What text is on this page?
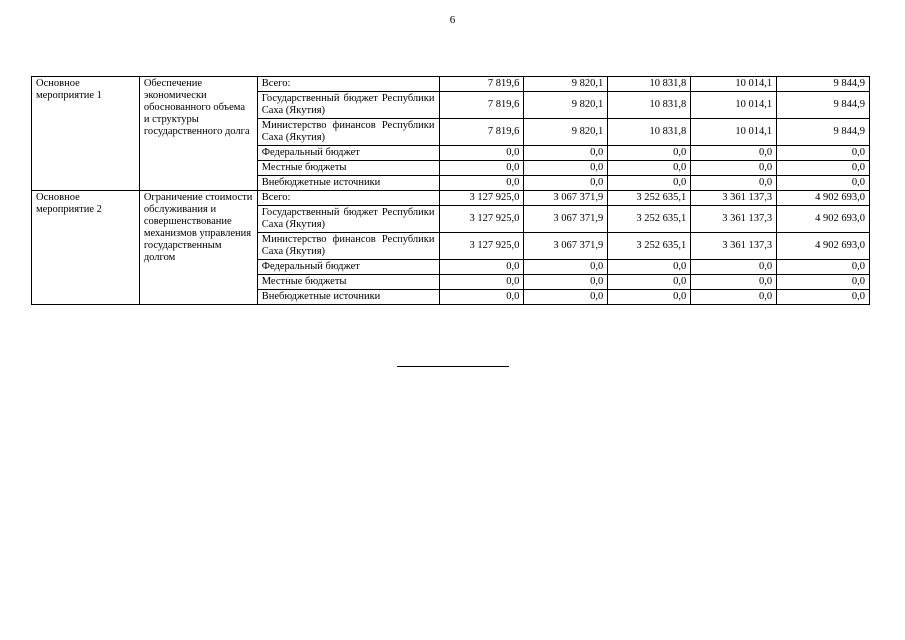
6
Основное мероприятие 1	Обеспечение экономически обоснованного объема и структуры государственного долга	Всего:	7 819,6	9 820,1	10 831,8	10 014,1	9 844,9
		Государственный бюджет Республики Саха (Якутия)	7 819,6	9 820,1	10 831,8	10 014,1	9 844,9
		Министерство финансов Республики Саха (Якутия)	7 819,6	9 820,1	10 831,8	10 014,1	9 844,9
		Федеральный бюджет	0,0	0,0	0,0	0,0	0,0
		Местные бюджеты	0,0	0,0	0,0	0,0	0,0
		Внебюджетные источники	0,0	0,0	0,0	0,0	0,0
Основное мероприятие 2	Ограничение стоимости обслуживания и совершенствование механизмов управления государственным долгом	Всего:	3 127 925,0	3 067 371,9	3 252 635,1	3 361 137,3	4 902 693,0
		Государственный бюджет Республики Саха (Якутия)	3 127 925,0	3 067 371,9	3 252 635,1	3 361 137,3	4 902 693,0
		Министерство финансов Республики Саха (Якутия)	3 127 925,0	3 067 371,9	3 252 635,1	3 361 137,3	4 902 693,0
		Федеральный бюджет	0,0	0,0	0,0	0,0	0,0
		Местные бюджеты	0,0	0,0	0,0	0,0	0,0
		Внебюджетные источники	0,0	0,0	0,0	0,0	0,0
